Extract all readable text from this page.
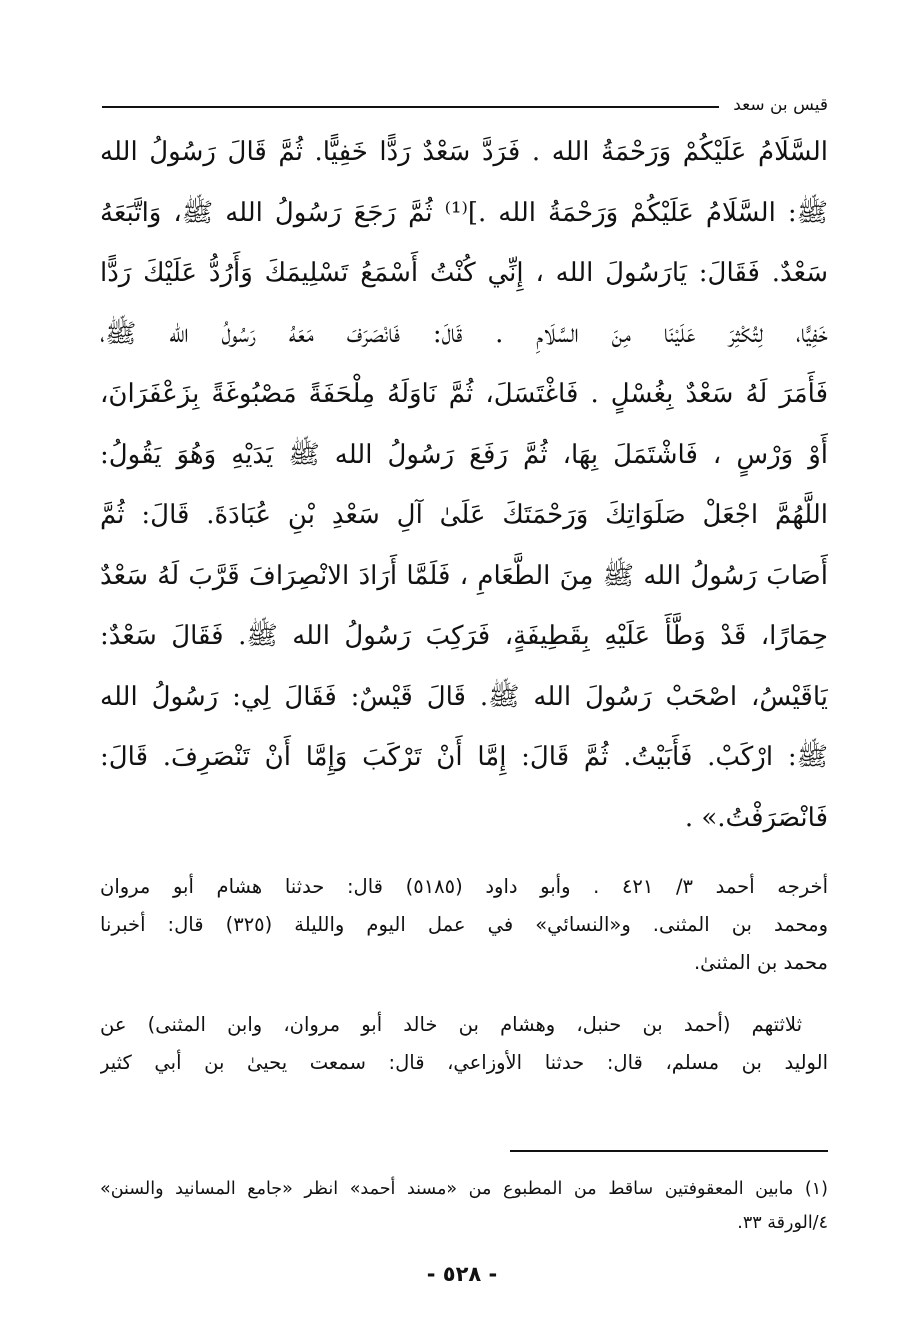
قيس بن سعد
السَّلَامُ عَلَيْكُمْ وَرَحْمَةُ الله . فَرَدَّ سَعْدٌ رَدًّا خَفِيًّا. ثُمَّ قَالَ رَسُولُ الله
ﷺ: السَّلَامُ عَلَيْكُمْ وَرَحْمَةُ الله .]⁽¹⁾ ثُمَّ رَجَعَ رَسُولُ الله ﷺ، وَاتَّبَعَهُ
سَعْدٌ. فَقَالَ: يَارَسُولَ الله ، إِنِّي كُنْتُ أَسْمَعُ تَسْلِيمَكَ وَأَرُدُّ عَلَيْكَ رَدًّا
خَفِيًّا، لِتُكْثِرَ عَلَيْنَا مِنَ السَّلَامِ . قَالَ: فَانْصَرَفَ مَعَهُ رَسُولُ الله ﷺ،
فَأَمَرَ لَهُ سَعْدٌ بِغُسْلٍ . فَاغْتَسَلَ، ثُمَّ نَاوَلَهُ مِلْحَفَةً مَصْبُوغَةً بِزَعْفَرَانَ،
أَوْ وَرْسٍ ، فَاشْتَمَلَ بِهَا، ثُمَّ رَفَعَ رَسُولُ الله ﷺ يَدَيْهِ وَهُوَ يَقُولُ:
اللَّهُمَّ اجْعَلْ صَلَوَاتِكَ وَرَحْمَتَكَ عَلَىٰ آلِ سَعْدِ بْنِ عُبَادَةَ. قَالَ: ثُمَّ
أَصَابَ رَسُولُ الله ﷺ مِنَ الطَّعَامِ ، فَلَمَّا أَرَادَ الانْصِرَافَ قَرَّبَ لَهُ سَعْدٌ
حِمَارًا، قَدْ وَطَّأَ عَلَيْهِ بِقَطِيفَةٍ، فَرَكِبَ رَسُولُ الله ﷺ. فَقَالَ سَعْدٌ:
يَاقَيْسُ، اصْحَبْ رَسُولَ الله ﷺ. قَالَ قَيْسٌ: فَقَالَ لِي: رَسُولُ الله
ﷺ: ارْكَبْ. فَأَبَيْتُ. ثُمَّ قَالَ: إِمَّا أَنْ تَرْكَبَ وَإِمَّا أَنْ تَنْصَرِفَ. قَالَ:
فَانْصَرَفْتُ.» .
أخرجه أحمد ٣/ ٤٢١ . وأبو داود (٥١٨٥) قال: حدثنا هشام أبو مروان
ومحمد بن المثنى. و«النسائي» في عمل اليوم والليلة (٣٢٥) قال: أخبرنا
محمد بن المثنىٰ.
ثلاثتهم (أحمد بن حنبل، وهشام بن خالد أبو مروان، وابن المثنى) عن
الوليد بن مسلم، قال: حدثنا الأوزاعي، قال: سمعت يحيىٰ بن أبي كثير
(١) مابين المعقوفتين ساقط من المطبوع من «مسند أحمد» انظر «جامع المسانيد والسنن»
٤/الورقة ٣٣.
- ٥٢٨ -
